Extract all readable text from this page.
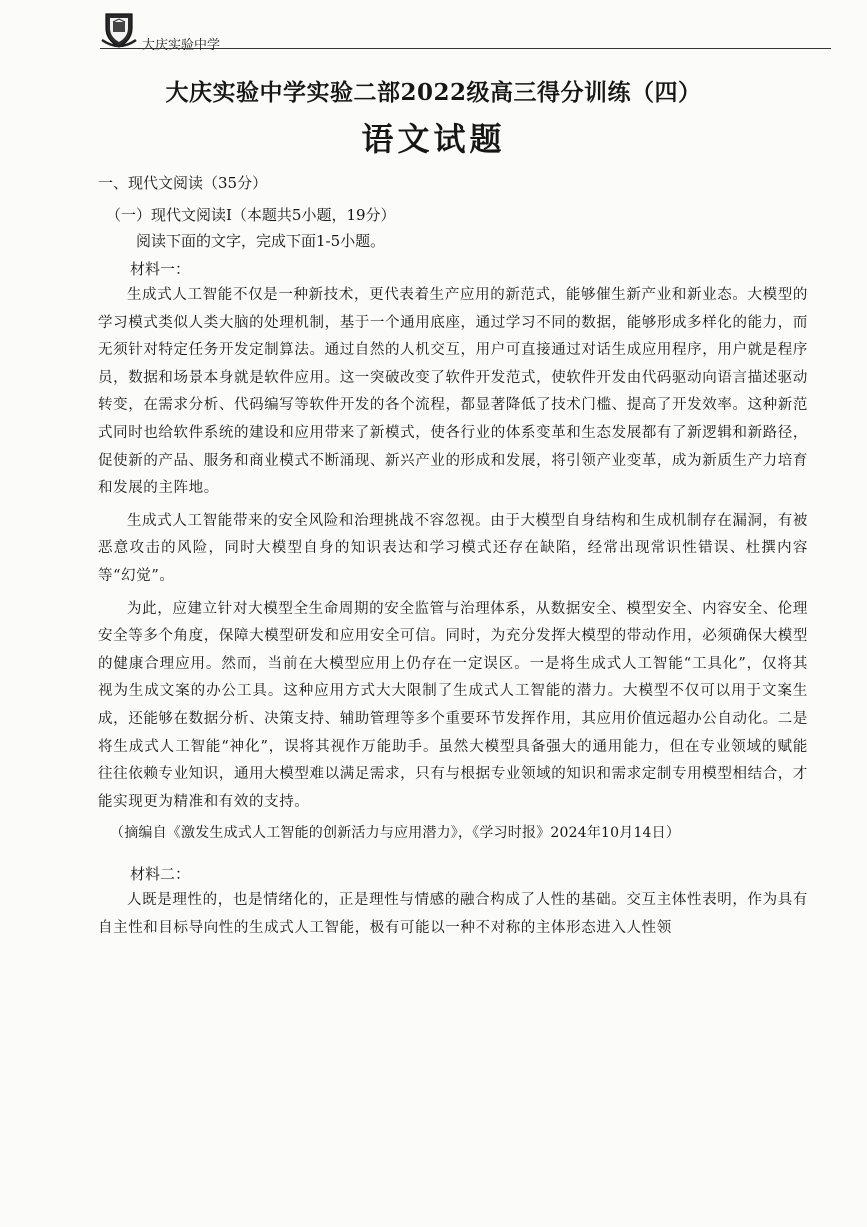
大庆实验中学
大庆实验中学实验二部2022级高三得分训练（四）
语文试题

一、现代文阅读（35分）

（一）现代文阅读Ⅰ（本题共5小题，19分）

阅读下面的文字，完成下面1-5小题。

材料一：

生成式人工智能不仅是一种新技术，更代表着生产应用的新范式，能够催生新产业和新业态。大模型的学习模式类似人类大脑的处理机制，基于一个通用底座，通过学习不同的数据，能够形成多样化的能力，而无须针对特定任务开发定制算法。通过自然的人机交互，用户可直接通过对话生成应用程序，用户就是程序员，数据和场景本身就是软件应用。这一突破改变了软件开发范式，使软件开发由代码驱动向语言描述驱动转变，在需求分析、代码编写等软件开发的各个流程，都显著降低了技术门槛、提高了开发效率。这种新范式同时也给软件系统的建设和应用带来了新模式，使各行业的体系变革和生态发展都有了新逻辑和新路径，促使新的产品、服务和商业模式不断涌现、新兴产业的形成和发展，将引领产业变革，成为新质生产力培育和发展的主阵地。

生成式人工智能带来的安全风险和治理挑战不容忽视。由于大模型自身结构和生成机制存在漏洞，有被恶意攻击的风险，同时大模型自身的知识表达和学习模式还存在缺陷，经常出现常识性错误、杜撰内容等“幻觉”。

为此，应建立针对大模型全生命周期的安全监管与治理体系，从数据安全、模型安全、内容安全、伦理安全等多个角度，保障大模型研发和应用安全可信。同时，为充分发挥大模型的带动作用，必须确保大模型的健康合理应用。然而，当前在大模型应用上仍存在一定误区。一是将生成式人工智能“工具化”，仅将其视为生成文案的办公工具。这种应用方式大大限制了生成式人工智能的潜力。大模型不仅可以用于文案生成，还能够在数据分析、决策支持、辅助管理等多个重要环节发挥作用，其应用价值远超办公自动化。二是将生成式人工智能“神化”，误将其视作万能助手。虽然大模型具备强大的通用能力，但在专业领域的赋能往往依赖专业知识，通用大模型难以满足需求，只有与根据专业领域的知识和需求定制专用模型相结合，才能实现更为精准和有效的支持。

（摘编自《激发生成式人工智能的创新活力与应用潜力》，《学习时报》2024年10月14日）

材料二：

人既是理性的，也是情绪化的，正是理性与情感的融合构成了人性的基础。交互主体性表明，作为具有自主性和目标导向性的生成式人工智能，极有可能以一种不对称的主体形态进入人性领
